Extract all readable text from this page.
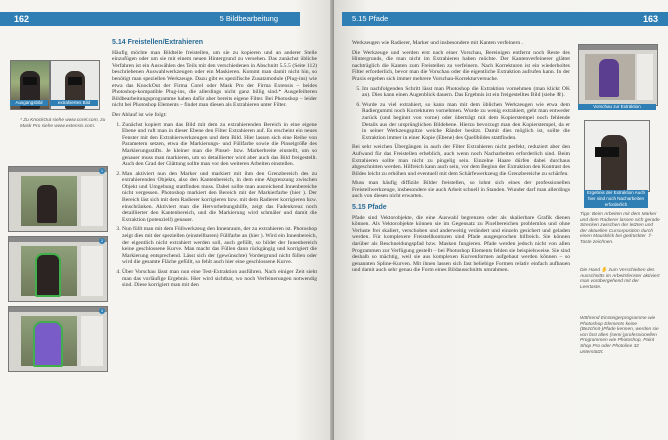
162	5 Bildbearbeitung
Ausgangsbild	extrahiertes Bild
* Zu KnockOut siehe www.corel.com, zu Mask Pro siehe www.extensis.com.
1
2
3

5.14 Freistellen/Extrahieren

Häufig möchte man Bildteile freistellen, um sie zu kopieren und an anderer Stelle einzufügen oder um sie mit einem neuen Hintergrund zu versehen. Das zunächst übliche Verfahren ist ein Auswählen des Teils mit den verschiedenen in Abschnitt 5.5.5 (Seite 112) beschriebenen Auswahlwerkzeugen oder ein Maskieren. Kommt man damit nicht hin, so benötigt man speziellen Werkzeuge. Dazu gibt es spezifische Zusatzmodule (Plug-ins) wie etwa das KnockOut der Firma Corel oder Mask Pro der Firma Extensis – beides Photoshop-kompatible Plug-ins, die allerdings nicht ganz billig sind.* Ausgefeilteren Bildbearbeitungsprogramme haben dafür aber bereits eigene Filter. Bei Photoshop – leider nicht bei Photoshop Elements – findet man diesen als Extrahieren unter Filter.

Der Ablauf ist wie folgt:

1. Zunächst kopiert man das Bild mit dem zu extrahierenden Bereich in eine eigene Ebene und ruft man in dieser Ebene den Filter Extrahieren auf. Es erscheint ein neues Fenster mit den Extrahierwerkzeugen und dem Bild. Hier lassen sich eine Reihe von Parametern setzen, etwa die Markierungs- und Füllfarbe sowie die Pinselgröße des Markierungsstifts. Je kleiner man die Pinsel- bzw. Markerbreite einstellt, um so genauer muss man markieren, um so detaillierter wird aber auch das Bild freigestellt. Auch den Grad der Glättung sollte man vor den weiteren Arbeiten einstellen.
2. Man aktiviert nun den Marker und markiert mit ihm den Grenzbereich des zu extrahierenden Objekts, also den Kantenbereich, in dem eine Abgrenzung zwischen Objekt und Umgebung stattfinden muss. Dabei sollte man ausreichend Innenbereiche nicht vergessen. Photoshop markiert den Bereich mit der Markierfarbe (hier ). Der Bereich läst sich mit dem Radierer korrigieren bzw. mit dem Radierer korrigieren bzw. einschränken. Aktiviert man die Hervorhebungshilfe, zeigt das Fadenkreuz noch detaillierter den Kantenbereich, und die Markierung wird schmäler und damit die Extraktion (potenziell) genauer.
3. Nun füllt man mit dem Füllwerkzeug den Innenraum, der zu extrahieren ist. Photoshop zeigt dies mit der speziellen (einstellbaren) Füllfarbe an (hier ). Wird ein Innenbereich, der eigentlich nicht extrahiert werden soll, auch gefüllt, so bildet der Innenbereich keine geschlossene Kurve. Man macht das Füllen dann rückgängig und korrigiert die Markierung entsprechend. Lässt sich der (gewünschte) Vordergrund nicht füllen oder wird die gesamte Fläche gefüllt, so fehlt auch hier eine geschlossene Kurve.
4. Über Vorschau lässt man nun eine Test-Extraktion ausführen. Nach einiger Zeit sieht man das vorläufige Ergebnis. Hier wird sichtbar, wo noch Verfeinerungen notwendig sind. Diese korrigiert man mit den
5.15 Pfade	163

Werkzeugen wie Radierer, Marker und insbesondere mit Kanten verfeinern .

Die Werkzeuge und werden erst nach einer Vorschau, Bereinigen entfernt noch Reste des Hintergrunds, die man nicht im Extrahieren haben möchte. Der Kantenverfeinerer glättet nachträglich die Kanten zum Freistellen zu verfeinern. Nach Korrekturen ist ein wiederholtes Filter erforderlich, bevor man die Vorschau oder die eigentliche Extraktion aufrufen kann. In der Praxis ergeben sich immer mehrere Vorschau-Korrekturversuche.

5. Im nachfolgenden Schritt lässt man Photoshop die Extraktion vornehmen (man klickt OK an). Dies kann einen Augenblick dauern. Das Ergebnis ist ein freigestelltes Bild (siehe ⑥).
6. Wurde zu viel extrahiert, so kann man mit dem üblichen Werkzeugen wie etwa dem Radiergummi noch Korrekturen vornehmen. Wurde zu wenig extrahiert, geht man entweder zurück (und beginnt von vorne) oder überträgt mit dem Kopierstempel noch fehlende Details aus der ursprünglichen Bildebene. Hierzu bevorzugt man den Kopierstempel, da er in seiner Werkzeugspitze weiche Ränder besitzt. Damit dies möglich ist, sollte die Extraktion immer in einer Kopie (Ebene) des Quellbildes stattfinden.

Bei sehr weichen Übergängen in auch der Filter Extrahieren nicht perfekt, reduziert aber den Aufwand für das Freistellen erheblich, auch wenn noch Nacharbeiten erforderlich sind. Beim Extrahieren sollte man nicht zu pingelig sein. Einzelne Haare dürfen dabei durchaus abgeschnitten werden. Hilfreich kann auch sein, vor dem Beginn der Extraktion den Kontrast des Bildes leicht zu erhöhen und eventuell mit dem Schärfewerkzeug die Grenzbereiche zu schärfen.

Muss man häufig diffizile Bilder freistellen, so lohnt sich eines der professionellen Freistellwerkzeuge, insbesondere sie auch Arbeit schnell in Standen. Wunder darf man allerdings auch von diesen nicht erwarten.

5.15 Pfade

Pfade sind Vektorobjekte, die eine Auswahl begrenzen oder als skalierbare Grafik dienen können. Als Vektorobjekte können sie im Gegensatz zu Pixelbereichen problemlos und ohne Verluste frei skaliert, verschoben und anderweitig verändert und einzeln gesichert und geladen werden. Für komplexere Freistellkonturen sind Pfade ausgesprochen hilfreich. Sie können darüber als Beschneidungspfad bzw. Masken fungieren. Pfade werden jedoch nicht von allen Programmen zur Verfügung gestellt – bei Photoshop Elements fehlen sie beispielsweise. Sie sind deshalb so mächtig, weil sie aus komplexen Kurvenformen aufgebaut werden können – so genannten Spline-Kurven. Mit ihnen lassen sich fast beliebige Formen relativ einfach aufbauen und damit auch sehr genau die Form eines Bildausschnitts umrahmen.

Vorschau zur Extraktion
Ergebnis der Extraktion Auch hier sind noch Nacharbeiten erforderlich
Tipp: Beim Arbeiten mit dem Marker und dem Radierer lassen sich gerade Strecken zwischen der letzten und der aktuellen Cursorposition durch einen Mausklick bei gedrückter ⇧-Taste zeichnen.
Die Hand ✋ zum Verschieben des Ausschnitts im Arbeitsfenster aktiviert man vorübergehend mit der Leertaste.
Während Einsteigerprogramme wie Photoshop Elements keine (Bezchnit-)Pfade kennen, werden sie von fast allen (semi-)professionellen Programmen wie Photoshop, Paint Shop Pro oder Photoline 32 unterstützt.
